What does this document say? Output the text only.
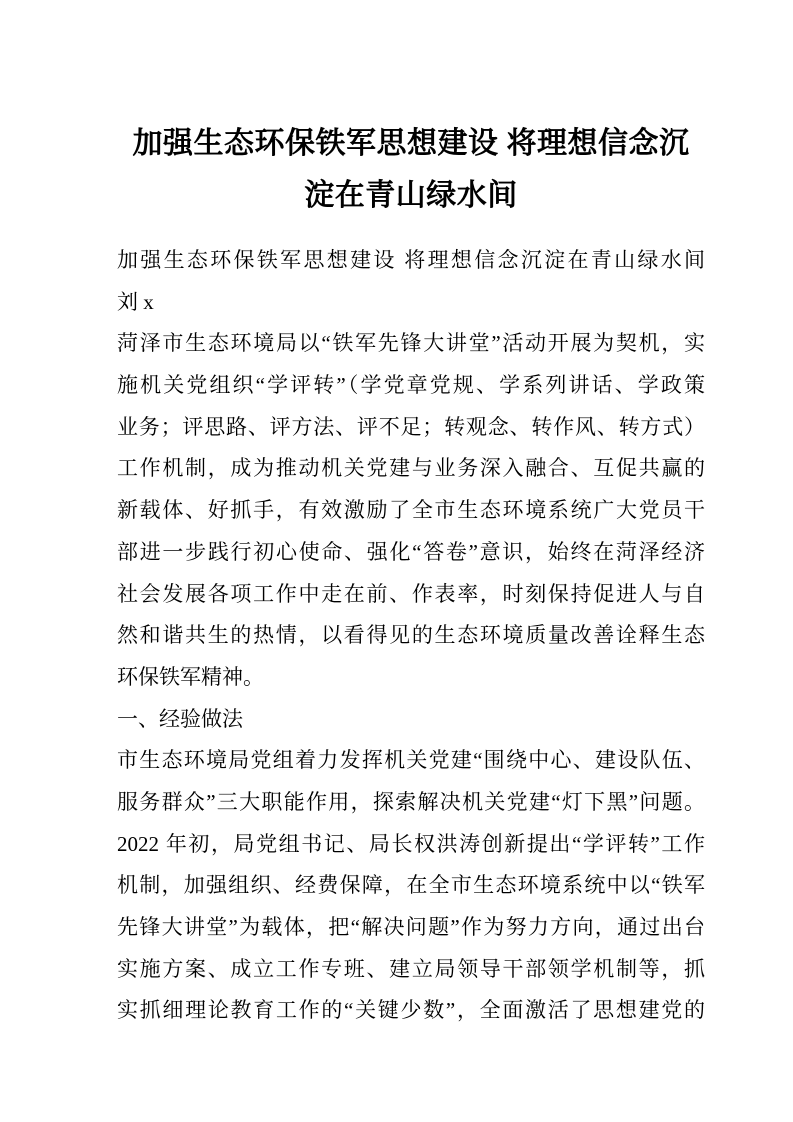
加强生态环保铁军思想建设 将理想信念沉
淀在青山绿水间
加强生态环保铁军思想建设 将理想信念沉淀在青山绿水间
刘 x
菏泽市生态环境局以“铁军先锋大讲堂”活动开展为契机，实
施机关党组织“学评转”（学党章党规、学系列讲话、学政策
业务；评思路、评方法、评不足；转观念、转作风、转方式）
工作机制，成为推动机关党建与业务深入融合、互促共赢的
新载体、好抓手，有效激励了全市生态环境系统广大党员干
部进一步践行初心使命、强化“答卷”意识，始终在菏泽经济
社会发展各项工作中走在前、作表率，时刻保持促进人与自
然和谐共生的热情，以看得见的生态环境质量改善诠释生态
环保铁军精神。
一、经验做法
市生态环境局党组着力发挥机关党建“围绕中心、建设队伍、
服务群众”三大职能作用，探索解决机关党建“灯下黑”问题。
2022 年初，局党组书记、局长权洪涛创新提出“学评转”工作
机制，加强组织、经费保障，在全市生态环境系统中以“铁军
先锋大讲堂”为载体，把“解决问题”作为努力方向，通过出台
实施方案、成立工作专班、建立局领导干部领学机制等，抓
实抓细理论教育工作的“关键少数”，全面激活了思想建党的
